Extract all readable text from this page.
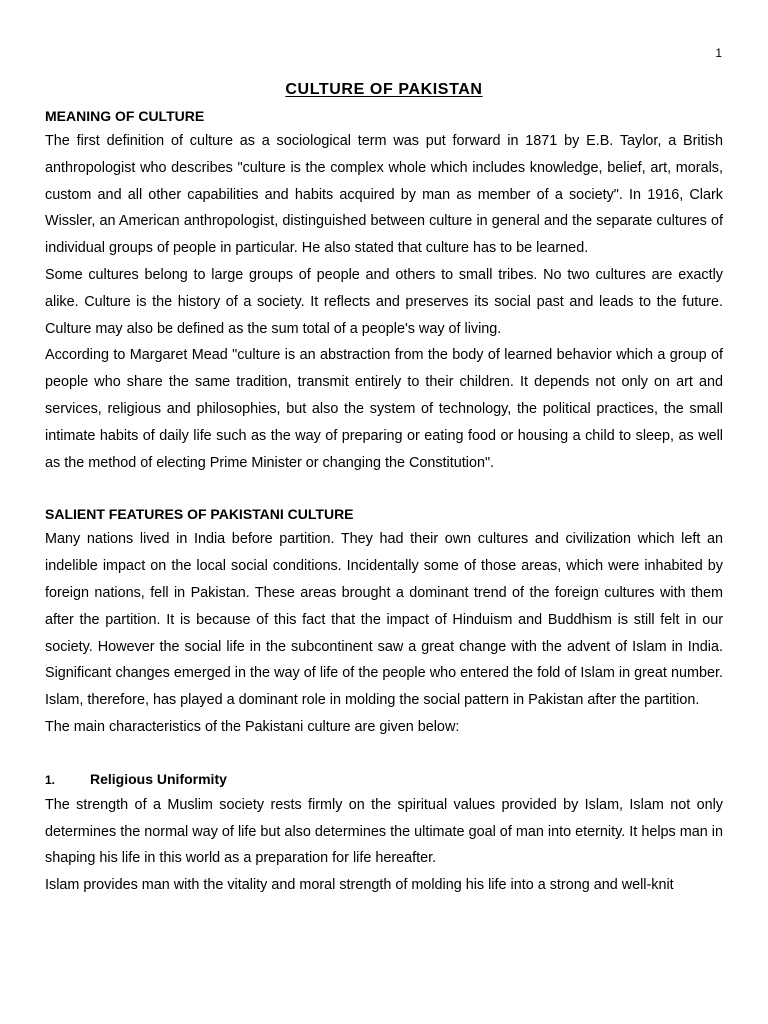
1
CULTURE OF PAKISTAN
MEANING OF CULTURE

The first definition of culture as a sociological term was put forward in 1871 by E.B. Taylor, a British anthropologist who describes "culture is the complex whole which includes knowledge, belief, art, morals, custom and all other capabilities and habits acquired by man as member of a society". In 1916, Clark Wissler, an American anthropologist, distinguished between culture in general and the separate cultures of individual groups of people in particular. He also stated that culture has to be learned.

Some cultures belong to large groups of people and others to small tribes. No two cultures are exactly alike. Culture is the history of a society. It reflects and preserves its social past and leads to the future. Culture may also be defined as the sum total of a people's way of living.

According to Margaret Mead "culture is an abstraction from the body of learned behavior which a group of people who share the same tradition, transmit entirely to their children. It depends not only on art and services, religious and philosophies, but also the system of technology, the political practices, the small intimate habits of daily life such as the way of preparing or eating food or housing a child to sleep, as well as the method of electing Prime Minister or changing the Constitution".

SALIENT FEATURES OF PAKISTANI CULTURE

Many nations lived in India before partition. They had their own cultures and civilization which left an indelible impact on the local social conditions. Incidentally some of those areas, which were inhabited by foreign nations, fell in Pakistan. These areas brought a dominant trend of the foreign cultures with them after the partition. It is because of this fact that the impact of Hinduism and Buddhism is still felt in our society. However the social life in the subcontinent saw a great change with the advent of Islam in India. Significant changes emerged in the way of life of the people who entered the fold of Islam in great number. Islam, therefore, has played a dominant role in molding the social pattern in Pakistan after the partition.

The main characteristics of the Pakistani culture are given below:

1.	Religious Uniformity

The strength of a Muslim society rests firmly on the spiritual values provided by Islam, Islam not only determines the normal way of life but also determines the ultimate goal of man into eternity. It helps man in shaping his life in this world as a preparation for life hereafter.

Islam provides man with the vitality and moral strength of molding his life into a strong and well-knit
